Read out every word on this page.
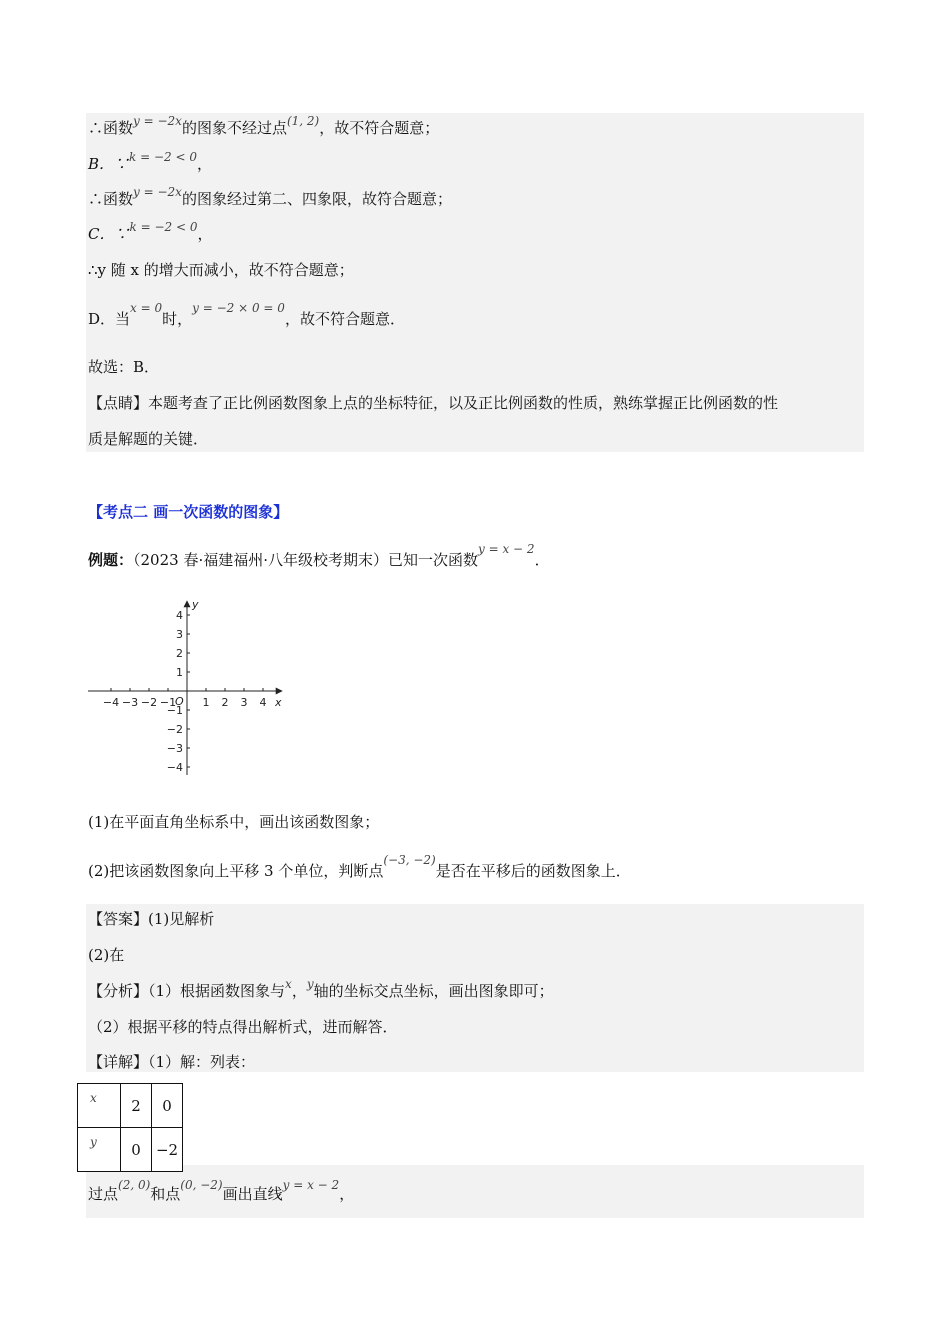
∴函数$^{y = -2x}$的图象不经过点$^{(1, 2)}$，故不符合题意；
B．∵$^{k = -2 < 0}$，
∴函数$^{y = -2x}$的图象经过第二、四象限，故符合题意；
C．∵$^{k = -2 < 0}$，
∴y 随 x 的增大而减小，故不符合题意；
D．当$^{x = 0}$时，$^{y = -2 \times 0 = 0}$，故不符合题意．
故选：B．
【点睛】本题考查了正比例函数图象上点的坐标特征，以及正比例函数的性质，熟练掌握正比例函数的性
质是解题的关键．
【考点二 画一次函数的图象】
例题：（2023 春·福建福州·八年级校考期末）已知一次函数$^{y = x - 2}$．
−4 −3 −2 −1 1 2 3 4
4
3
2
1
−1
−2
−3
−4
x
y
O
(1)在平面直角坐标系中，画出该函数图象；
(2)把该函数图象向上平移 3 个单位，判断点$^{(-3, -2)}$是否在平移后的函数图象上．
【答案】(1)见解析
(2)在
【分析】（1）根据函数图象与$^x$，$^y$轴的坐标交点坐标，画出图象即可；
（2）根据平移的特点得出解析式，进而解答．
【详解】（1）解：列表：
x	2	0
y	0	−2
过点$^{(2, 0)}$和点$^{(0, -2)}$画出直线$^{y = x - 2}$，
